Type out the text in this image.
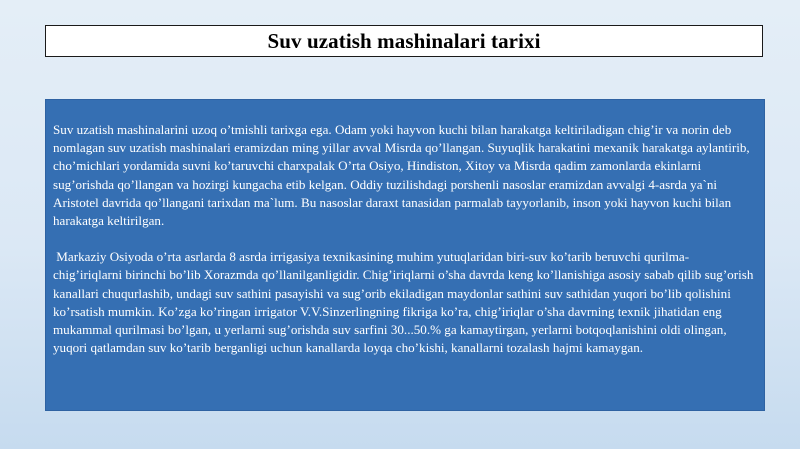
Suv uzatish mashinalari tarixi

Suv uzatish mashinalarini uzoq o’tmishli tarixga ega. Odam yoki hayvon kuchi bilan harakatga keltiriladigan chig’ir va norin deb nomlagan suv uzatish mashinalari eramizdan ming yillar avval Misrda qo’llangan. Suyuqlik harakatini mexanik harakatga aylantirib, cho’michlari yordamida suvni ko’taruvchi charxpalak O’rta Osiyo, Hindiston, Xitoy va Misrda qadim zamonlarda ekinlarni sug’orishda qo’llangan va hozirgi kungacha etib kelgan. Oddiy tuzilishdagi porshenli nasoslar eramizdan avvalgi 4-asrda ya`ni Aristotel davrida qo’llangani tarixdan ma`lum. Bu nasoslar daraxt tanasidan parmalab tayyorlanib, inson yoki hayvon kuchi bilan harakatga keltirilgan.

Markaziy Osiyoda o’rta asrlarda 8 asrda irrigasiya texnikasining muhim yutuqlaridan biri-suv ko’tarib beruvchi qurilma-chig’iriqlarni birinchi bo’lib Xorazmda qo’llanilganligidir. Chig’iriqlarni o’sha davrda keng ko’llanishiga asosiy sabab qilib sug’orish kanallari chuqurlashib, undagi suv sathini pasayishi va sug’orib ekiladigan maydonlar sathini suv sathidan yuqori bo’lib qolishini ko’rsatish mumkin. Ko’zga ko’ringan irrigator V.V.Sinzerlingning fikriga ko’ra, chig’iriqlar o’sha davrning texnik jihatidan eng mukammal qurilmasi bo’lgan, u yerlarni sug’orishda suv sarfini 30...50.% ga kamaytirgan, yerlarni botqoqlanishini oldi olingan, yuqori qatlamdan suv ko’tarib berganligi uchun kanallarda loyqa cho’kishi, kanallarni tozalash hajmi kamaygan.
